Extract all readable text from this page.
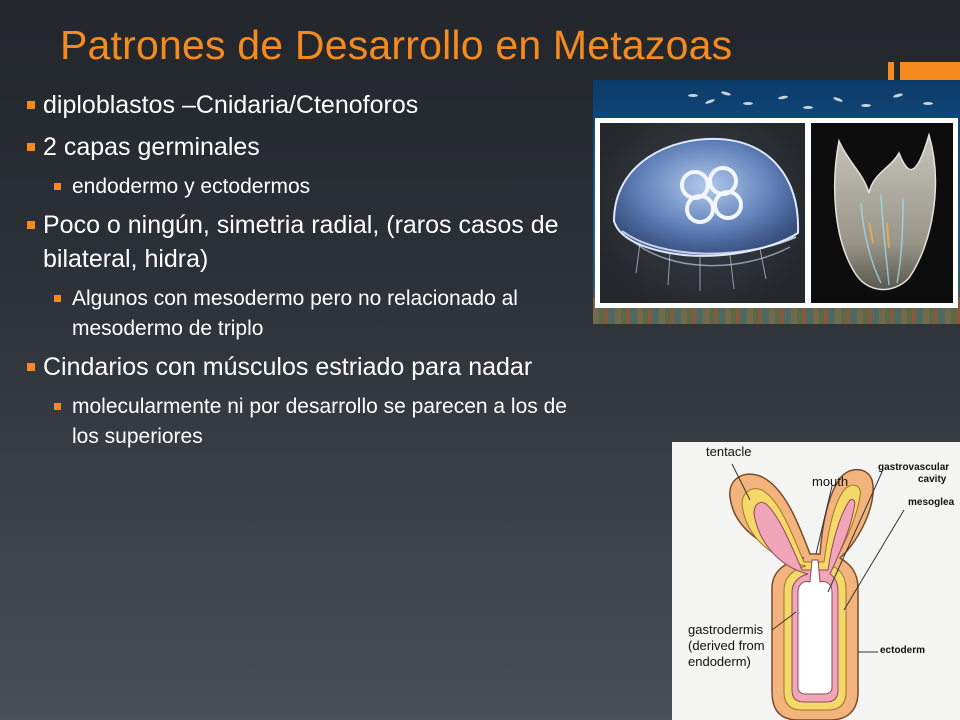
Patrones de Desarrollo en Metazoas
diploblastos –Cnidaria/Ctenoforos
2 capas germinales
endodermo y ectodermos
Poco o ningún, simetria radial, (raros casos de bilateral, hidra)
Algunos con mesodermo pero no relacionado al mesodermo de triplo
Cindarios con músculos estriado para nadar
molecularmente ni por desarrollo se parecen a los de los superiores
tentacle
mouth
gastrovascular
cavity
mesoglea
gastrodermis
(derived from
endoderm)
ectoderm
